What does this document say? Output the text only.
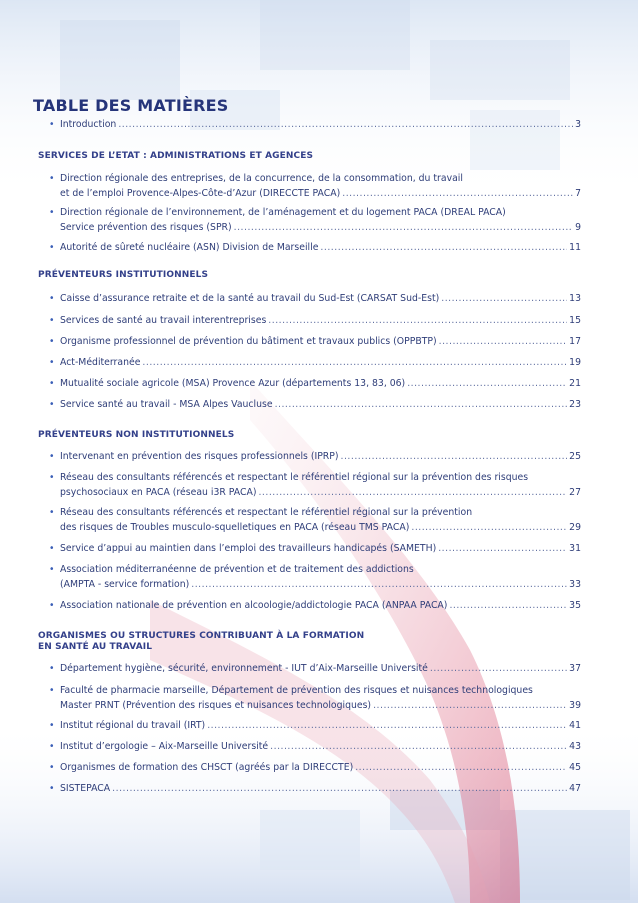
TABLE DES MATIÈRES
• Introduction .....	3
SERVICES DE L’ETAT : ADMINISTRATIONS ET AGENCES
• Direction régionale des entreprises, de la concurrence, de la consommation, du travail
et de l’emploi Provence-Alpes-Côte-d’Azur (DIRECCTE PACA) .....	7
• Direction régionale de l’environnement, de l’aménagement et du logement PACA (DREAL PACA)
Service prévention des risques (SPR) .....	9
• Autorité de sûreté nucléaire (ASN) Division de Marseille .....	11
PRÉVENTEURS INSTITUTIONNELS
• Caisse d’assurance retraite et de la santé au travail du Sud-Est (CARSAT Sud-Est) .....	13
• Services de santé au travail interentreprises .....	15
• Organisme professionnel de prévention du bâtiment et travaux publics (OPPBTP) .....	17
• Act-Méditerranée .....	19
• Mutualité sociale agricole (MSA) Provence Azur (départements 13, 83, 06) .....	21
• Service santé au travail - MSA Alpes Vaucluse .....	23
PRÉVENTEURS NON INSTITUTIONNELS
• Intervenant en prévention des risques professionnels (IPRP) .....	25
• Réseau des consultants référencés et respectant le référentiel régional sur la prévention des risques
psychosociaux en PACA (réseau i3R PACA) .....	27
• Réseau des consultants référencés et respectant le référentiel régional sur la prévention
des risques de Troubles musculo-squelletiques en PACA (réseau TMS PACA) .....	29
• Service d’appui au maintien dans l’emploi des travailleurs handicapés (SAMETH) .....	31
• Association méditerranéenne de prévention et de traitement des addictions
(AMPTA - service formation) .....	33
• Association nationale de prévention en alcoologie/addictologie PACA (ANPAA PACA) .....	35
ORGANISMES OU STRUCTURES CONTRIBUANT À LA FORMATION
EN SANTÉ AU TRAVAIL
• Département hygiène, sécurité, environnement - IUT d’Aix-Marseille Université .....	37
• Faculté de pharmacie marseille, Département de prévention des risques et nuisances technologiques
Master PRNT (Prévention des risques et nuisances technologiques) .....	39
• Institut régional du travail (IRT) .....	41
• Institut d’ergologie – Aix-Marseille Université .....	43
• Organismes de formation des CHSCT (agréés par la DIRECCTE) .....	45
• SISTEPACA .....	47
